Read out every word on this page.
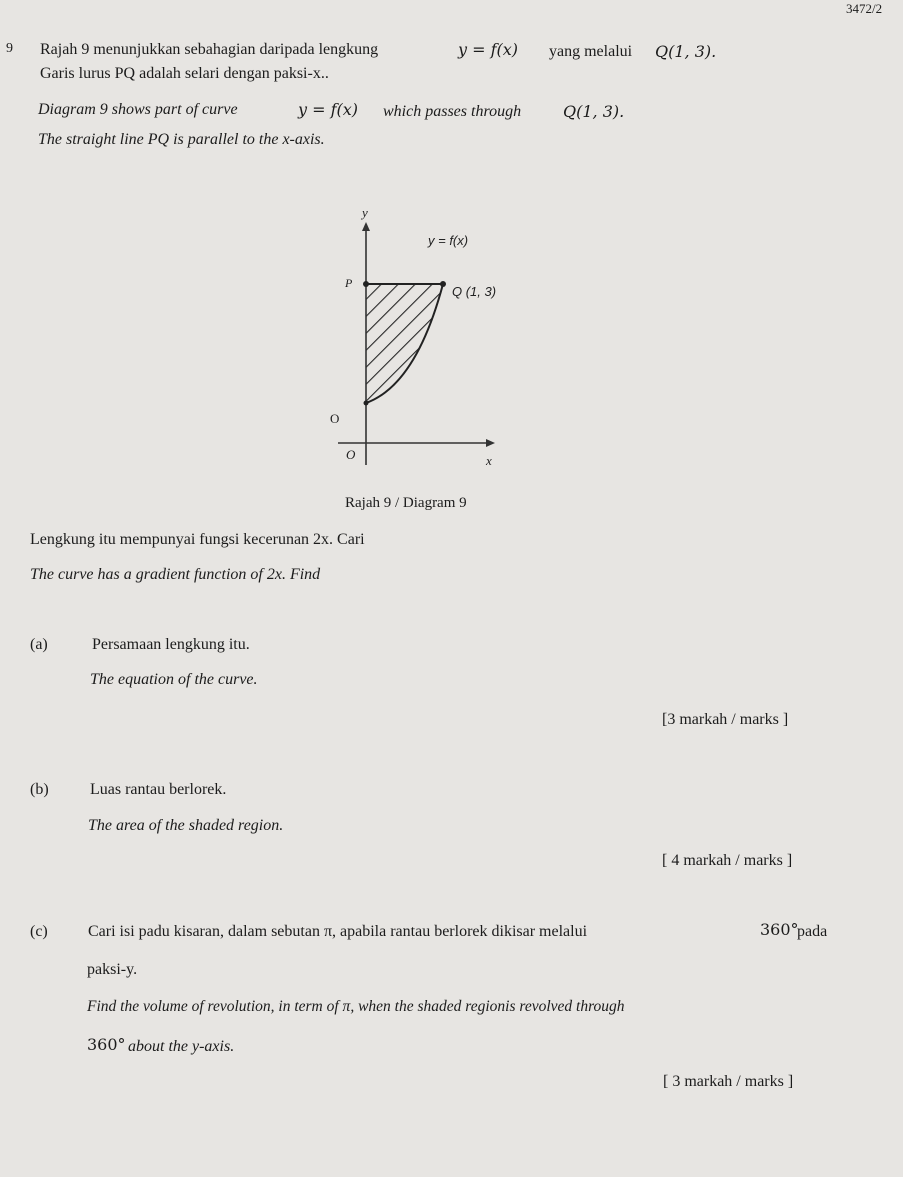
3472/2
9 Rajah 9 menunjukkan sebahagian daripada lengkung	y = f(x) yang melalui Q(1, 3).
Garis lurus PQ adalah selari dengan paksi-x..
Diagram 9 shows part of curve	y = f(x) which passes through	Q(1, 3).
The straight line PQ is parallel to the x-axis.
y
y = f(x)
P
Q (1, 3)
O
O	x
Rajah 9 / Diagram 9
Lengkung itu mempunyai fungsi kecerunan 2x. Cari
The curve has a gradient function of 2x. Find
(a)	Persamaan lengkung itu.
The equation of the curve.
[3 markah / marks ]
(b)	Luas rantau berlorek.
The area of the shaded region.
[ 4 markah / marks ]
(c)	Cari isi padu kisaran, dalam sebutan π, apabila rantau berlorek dikisar melalui	360°
pada
paksi-y.
Find the volume of revolution, in term of π, when the shaded regionis revolved through
360° about the y-axis.
[ 3 markah / marks ]
